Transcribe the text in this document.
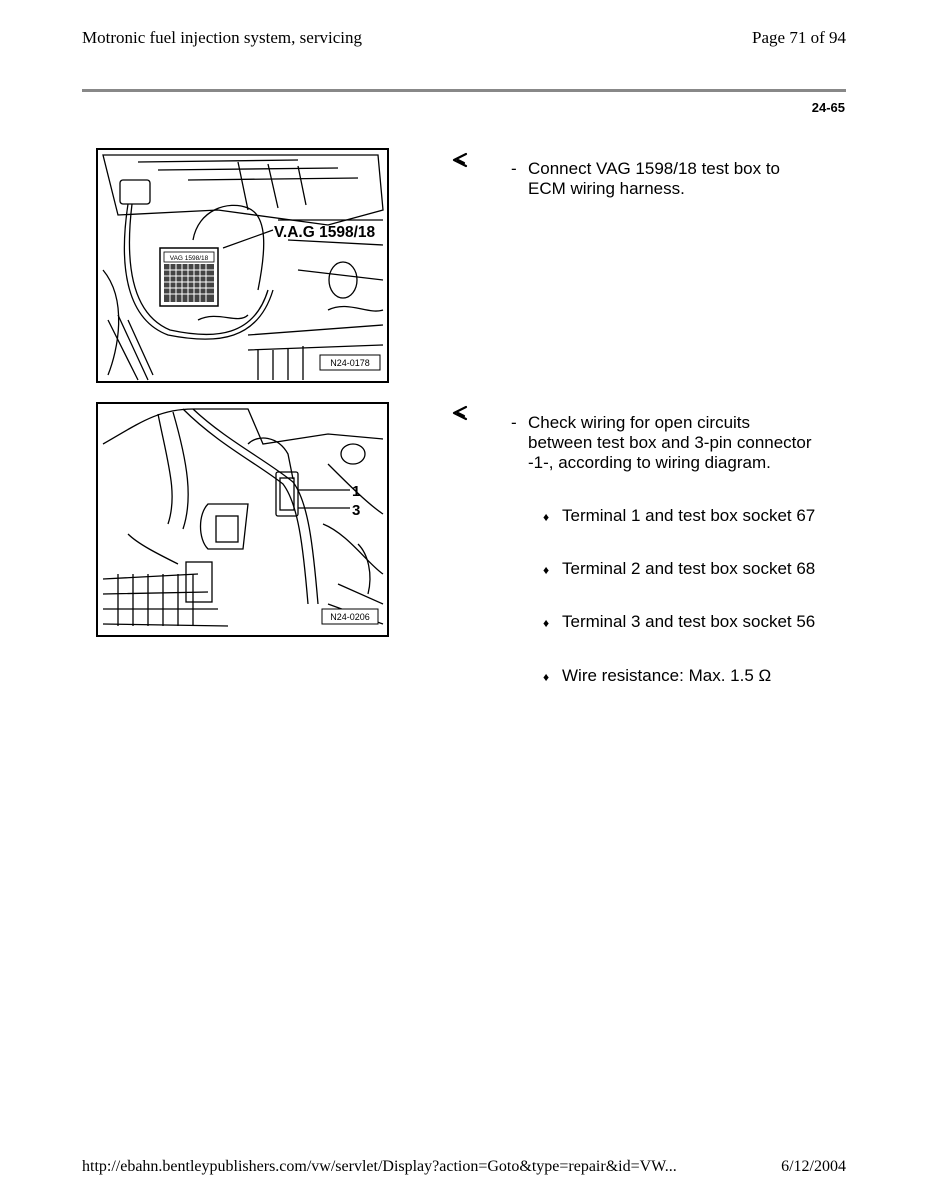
Motronic fuel injection system, servicing	Page 71 of 94
24-65
VAG 1598/18
V.A.G 1598/18
N24-0178
1
3
N24-0206
- Connect VAG 1598/18 test box to ECM wiring harness.
- Check wiring for open circuits between test box and 3-pin connector -1-, according to wiring diagram.
♦ Terminal 1 and test box socket 67
♦ Terminal 2 and test box socket 68
♦ Terminal 3 and test box socket 56
♦ Wire resistance: Max. 1.5 Ω
http://ebahn.bentleypublishers.com/vw/servlet/Display?action=Goto&type=repair&id=VW...	6/12/2004
